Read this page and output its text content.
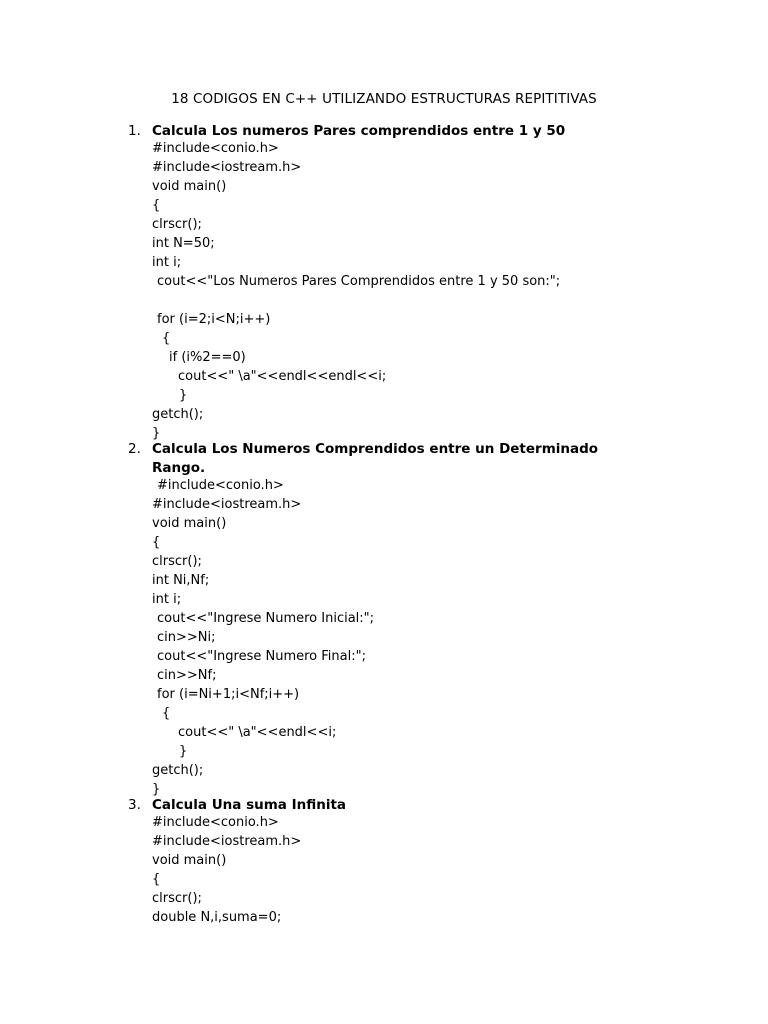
18 CODIGOS EN C++ UTILIZANDO ESTRUCTURAS REPITITIVAS
1. Calcula Los numeros Pares comprendidos entre 1 y 50
#include<conio.h>
#include<iostream.h>
void main()
{
clrscr();
int N=50;
int i;
cout<<"Los Numeros Pares Comprendidos entre 1 y 50 son:";
for (i=2;i<N;i++)
{
if (i%2==0)
cout<<" \a"<<endl<<endl<<i;
}
getch();
}
2. Calcula Los Numeros Comprendidos entre un Determinado Rango.
#include<conio.h>
#include<iostream.h>
void main()
{
clrscr();
int Ni,Nf;
int i;
cout<<"Ingrese Numero Inicial:";
cin>>Ni;
cout<<"Ingrese Numero Final:";
cin>>Nf;
for (i=Ni+1;i<Nf;i++)
{
cout<<" \a"<<endl<<i;
}
getch();
}
3. Calcula Una suma Infinita
#include<conio.h>
#include<iostream.h>
void main()
{
clrscr();
double N,i,suma=0;
